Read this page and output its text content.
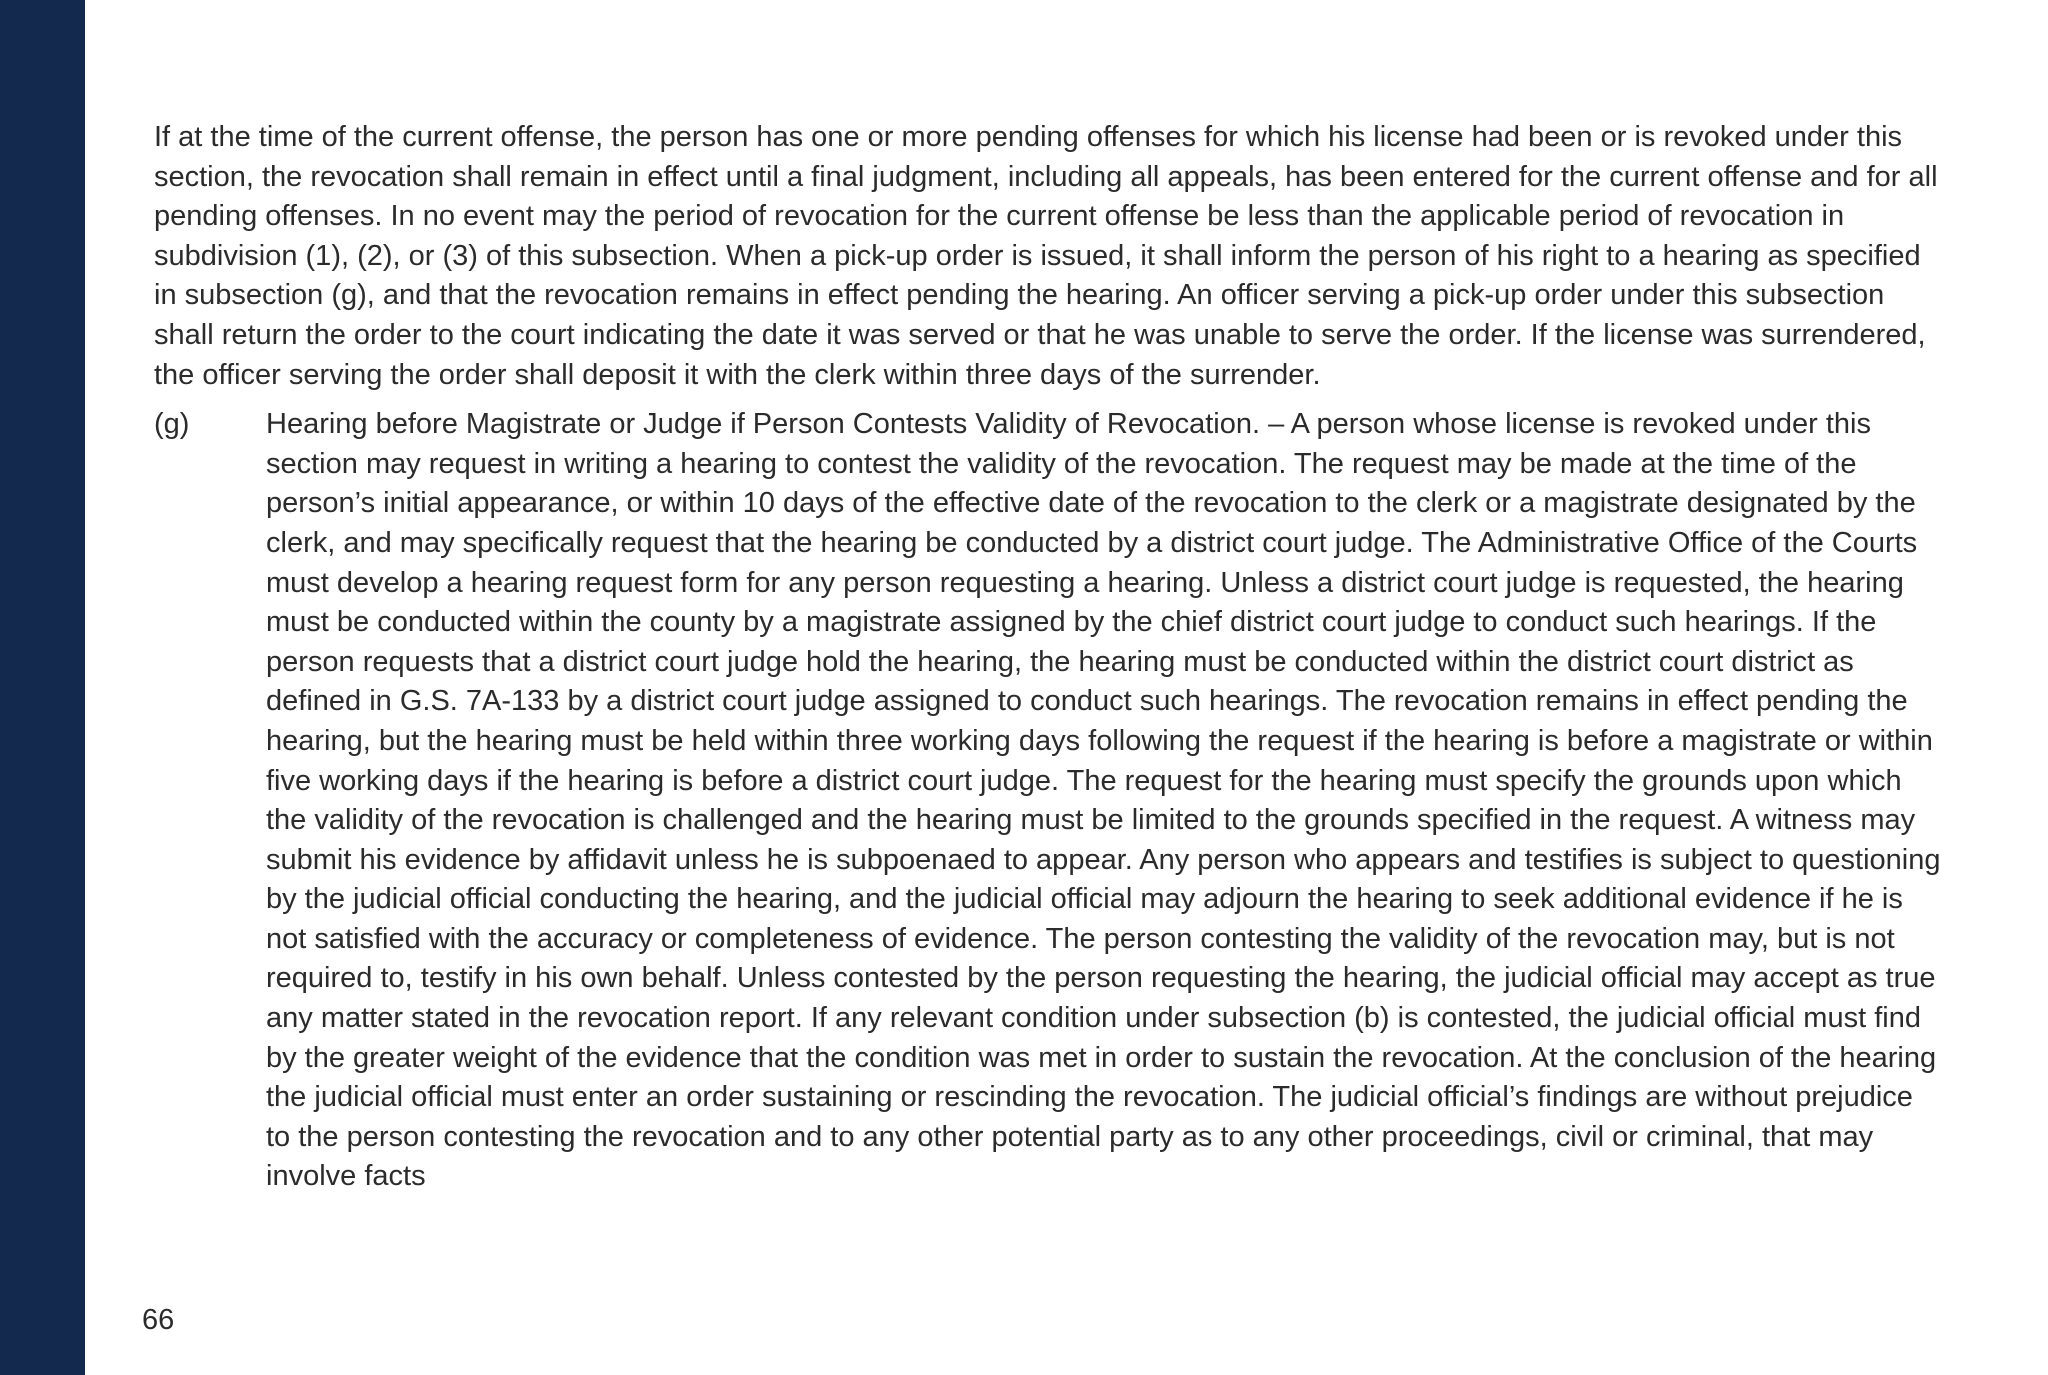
If at the time of the current offense, the person has one or more pending offenses for which his license had been or is revoked under this section, the revocation shall remain in effect until a final judgment, including all appeals, has been entered for the current offense and for all pending offenses. In no event may the period of revocation for the current offense be less than the applicable period of revocation in subdivision (1), (2), or (3) of this subsection. When a pick-up order is issued, it shall inform the person of his right to a hearing as specified in subsection (g), and that the revocation remains in effect pending the hearing. An officer serving a pick-up order under this subsection shall return the order to the court indicating the date it was served or that he was unable to serve the order. If the license was surrendered, the officer serving the order shall deposit it with the clerk within three days of the surrender.

(g)	Hearing before Magistrate or Judge if Person Contests Validity of Revocation. – A person whose license is revoked under this section may request in writing a hearing to contest the validity of the revocation. The request may be made at the time of the person’s initial appearance, or within 10 days of the effective date of the revocation to the clerk or a magistrate designated by the clerk, and may specifically request that the hearing be conducted by a district court judge. The Administrative Office of the Courts must develop a hearing request form for any person requesting a hearing. Unless a district court judge is requested, the hearing must be conducted within the county by a magistrate assigned by the chief district court judge to conduct such hearings. If the person requests that a district court judge hold the hearing, the hearing must be conducted within the district court district as defined in G.S. 7A-133 by a district court judge assigned to conduct such hearings. The revocation remains in effect pending the hearing, but the hearing must be held within three working days following the request if the hearing is before a magistrate or within five working days if the hearing is before a district court judge. The request for the hearing must specify the grounds upon which the validity of the revocation is challenged and the hearing must be limited to the grounds specified in the request. A witness may submit his evidence by affidavit unless he is subpoenaed to appear. Any person who appears and testifies is subject to questioning by the judicial official conducting the hearing, and the judicial official may adjourn the hearing to seek additional evidence if he is not satisfied with the accuracy or completeness of evidence. The person contesting the validity of the revocation may, but is not required to, testify in his own behalf. Unless contested by the person requesting the hearing, the judicial official may accept as true any matter stated in the revocation report. If any relevant condition under subsection (b) is contested, the judicial official must find by the greater weight of the evidence that the condition was met in order to sustain the revocation. At the conclusion of the hearing the judicial official must enter an order sustaining or rescinding the revocation. The judicial official’s findings are without prejudice to the person contesting the revocation and to any other potential party as to any other proceedings, civil or criminal, that may involve facts

66
